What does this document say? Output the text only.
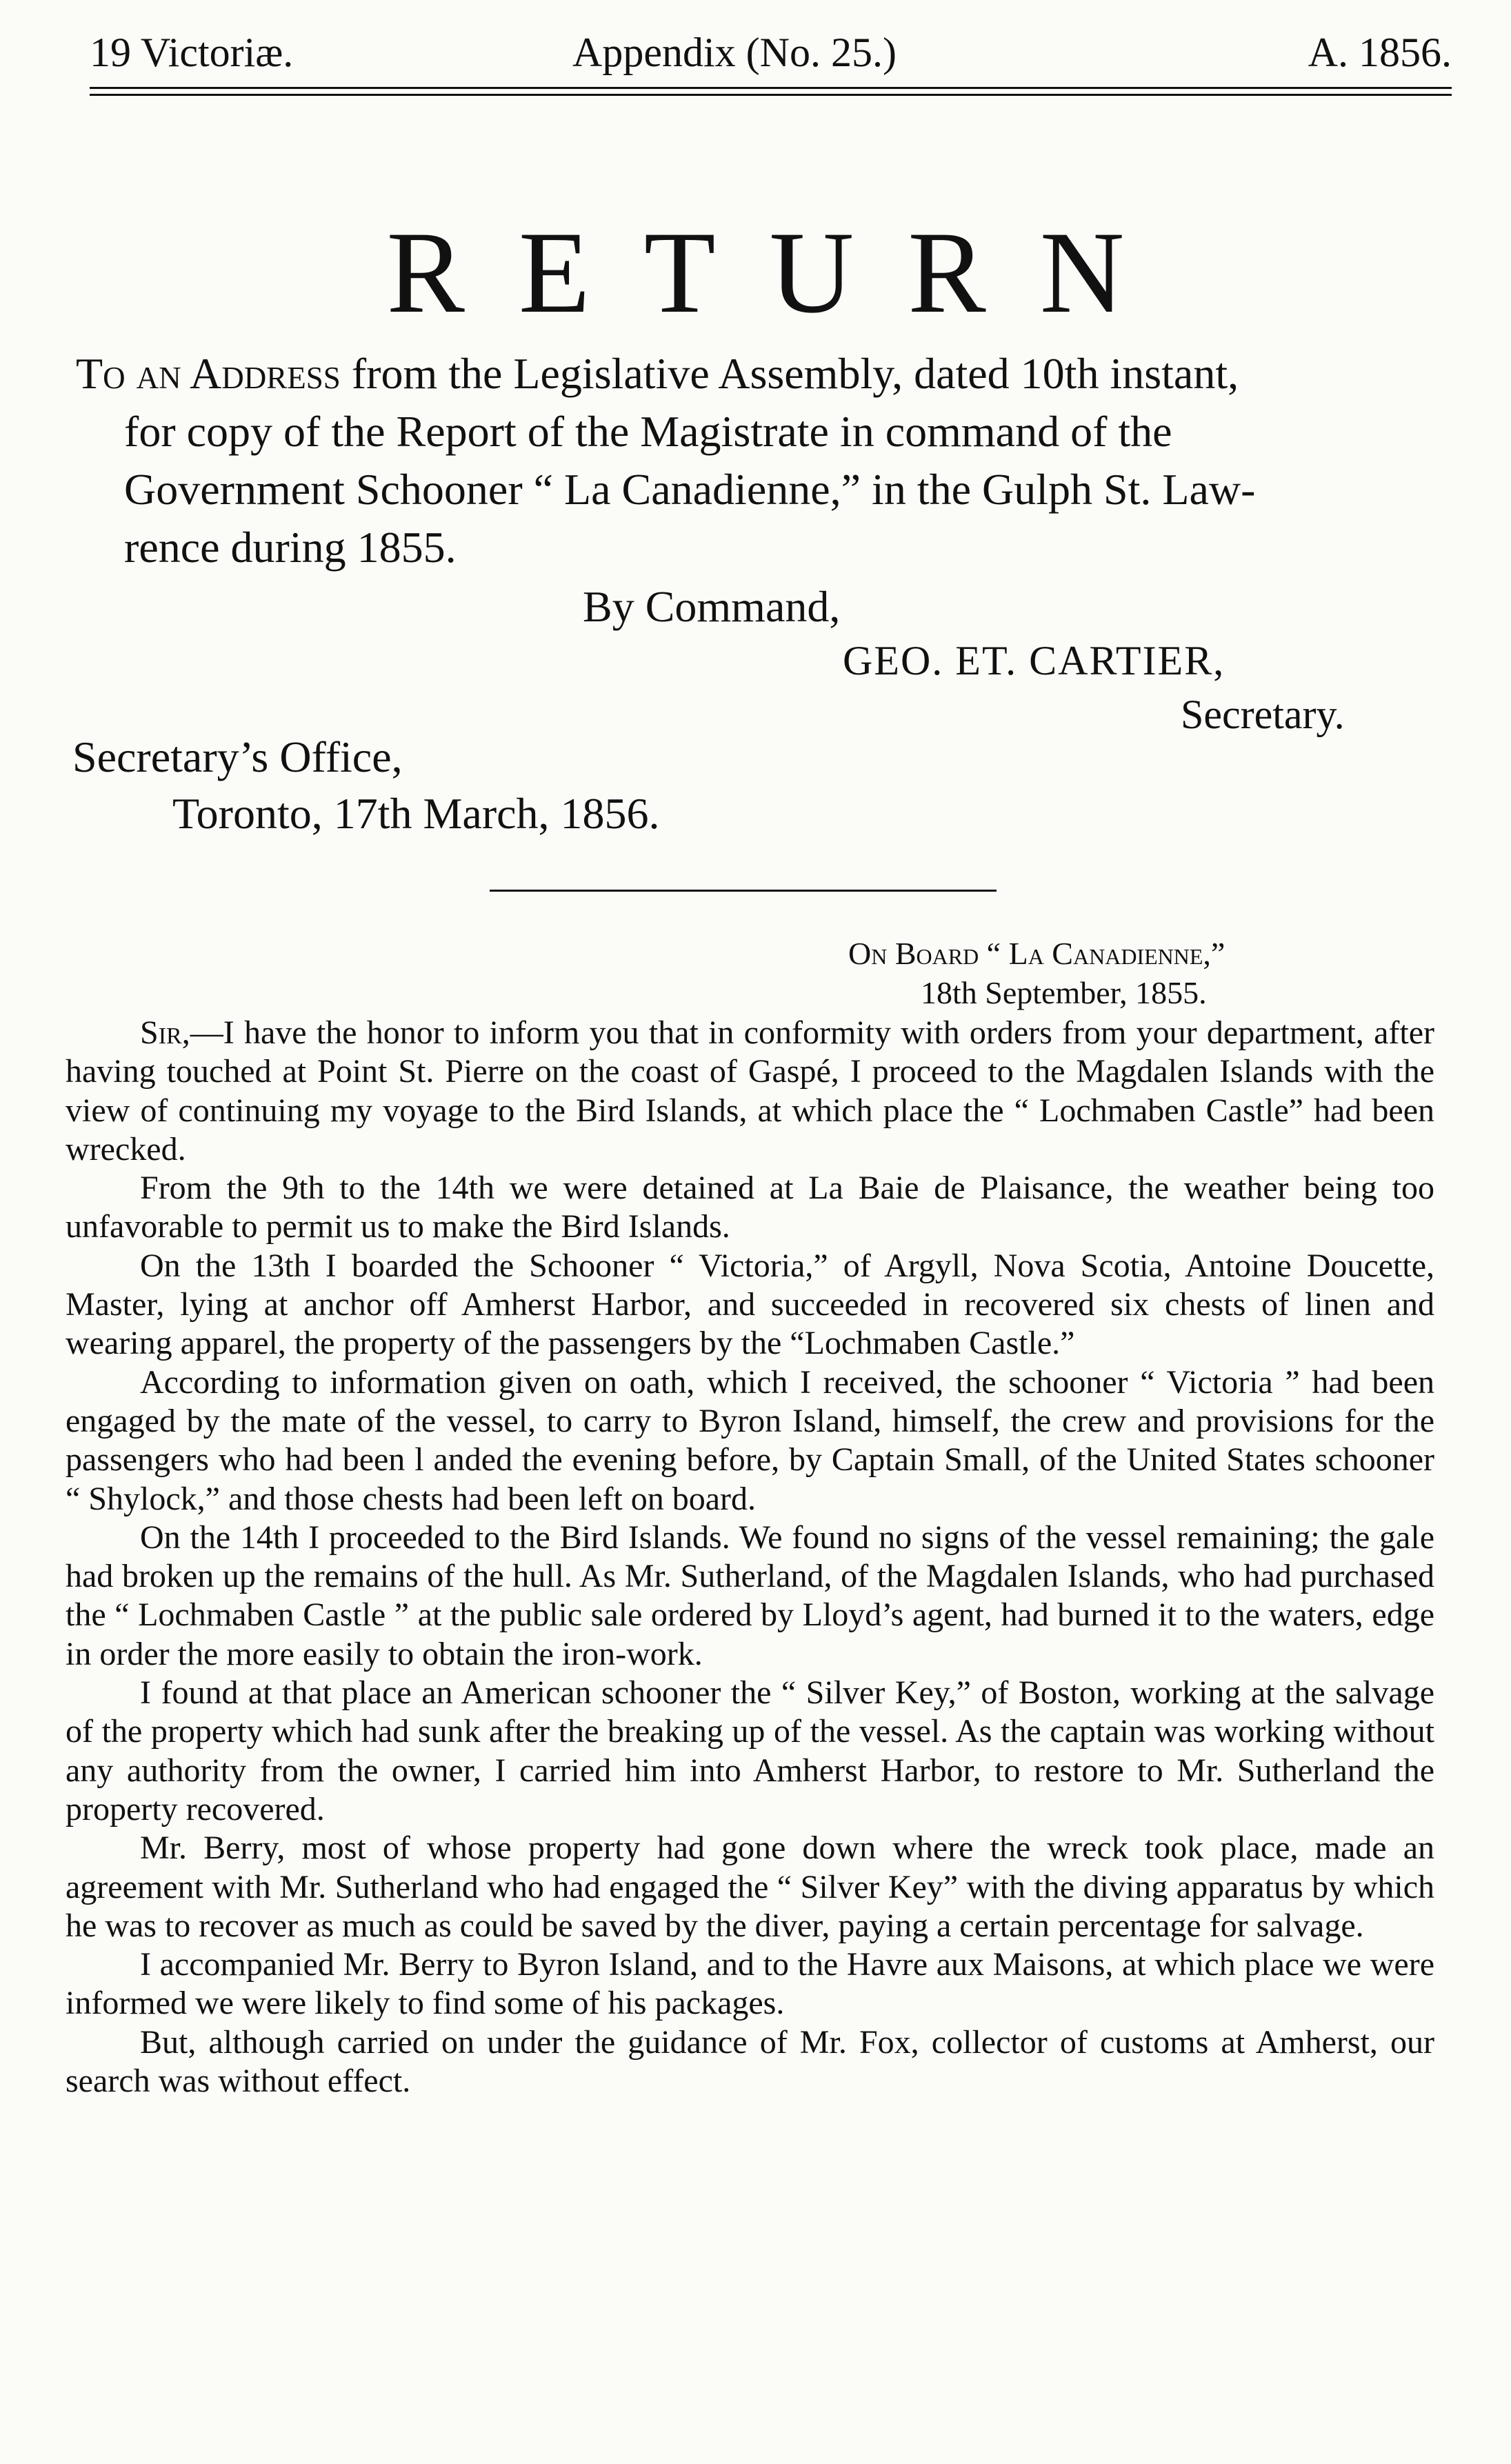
19 Victoriæ.	Appendix (No. 25.)	A. 1856.
RETURN
To an Address from the Legislative Assembly, dated 10th instant,
for copy of the Report of the Magistrate in command of the
Government Schooner “ La Canadienne,” in the Gulph St. Law-
rence during 1855.
By Command,
GEO. ET. CARTIER,
Secretary.
Secretary’s Office,
Toronto, 17th March, 1856.
On Board “ La Canadienne,”
18th September, 1855.

Sir,—I have the honor to inform you that in conformity with orders from your department, after having touched at Point St. Pierre on the coast of Gaspé, I proceed to the Magdalen Islands with the view of continuing my voyage to the Bird Islands, at which place the “ Lochmaben Castle” had been wrecked.

From the 9th to the 14th we were detained at La Baie de Plaisance, the weather being too unfavorable to permit us to make the Bird Islands.

On the 13th I boarded the Schooner “ Victoria,” of Argyll, Nova Scotia, Antoine Doucette, Master, lying at anchor off Amherst Harbor, and succeeded in recovered six chests of linen and wearing apparel, the property of the passengers by the “Lochmaben Castle.”

According to information given on oath, which I received, the schooner “ Victoria ” had been engaged by the mate of the vessel, to carry to Byron Island, himself, the crew and provisions for the passengers who had been l anded the evening before, by Captain Small, of the United States schooner “ Shylock,” and those chests had been left on board.

On the 14th I proceeded to the Bird Islands. We found no signs of the vessel remaining; the gale had broken up the remains of the hull. As Mr. Sutherland, of the Magdalen Islands, who had purchased the “ Lochmaben Castle ” at the public sale ordered by Lloyd’s agent, had burned it to the waters, edge in order the more easily to obtain the iron-work.

I found at that place an American schooner the “ Silver Key,” of Boston, working at the salvage of the property which had sunk after the breaking up of the vessel. As the captain was working without any authority from the owner, I carried him into Amherst Harbor, to restore to Mr. Sutherland the property recovered.

Mr. Berry, most of whose property had gone down where the wreck took place, made an agreement with Mr. Sutherland who had engaged the “ Silver Key” with the diving apparatus by which he was to recover as much as could be saved by the diver, paying a certain percentage for salvage.

I accompanied Mr. Berry to Byron Island, and to the Havre aux Maisons, at which place we were informed we were likely to find some of his packages.

But, although carried on under the guidance of Mr. Fox, collector of customs at Amherst, our search was without effect.
